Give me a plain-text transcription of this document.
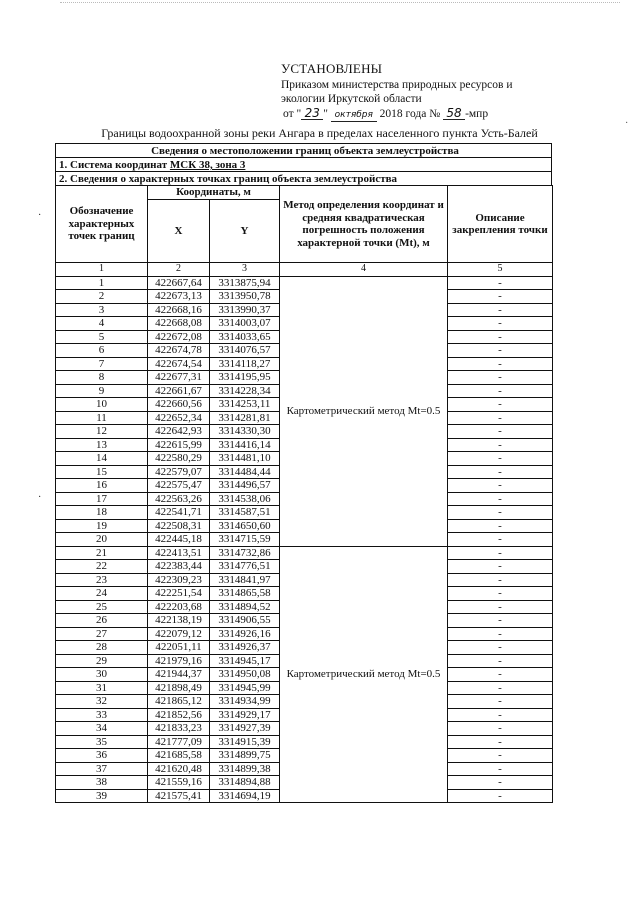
УСТАНОВЛЕНЫ

Приказом министерства природных ресурсов и
экологии Иркутской области
от " 23 " октября 2018 года № 58 -мпр
Границы водоохранной зоны реки Ангара в пределах населенного пункта Усть-Балей
Сведения о местоположении границ объекта землеустройства
1. Система координат МСК 38, зона 3
2. Сведения о характерных точках границ объекта землеустройства
Обозначение характерных точек границ	Координаты, м		Метод определения координат и средняя квадратическая погрешность положения характерной точки (Mt), м	Описание закрепления точки
	X	Y		
1	2	3	4	5
1	422667,64	3313875,94	Картометрический метод Mt=0.5	-
2	422673,13	3313950,78		-
3	422668,16	3313990,37		-
4	422668,08	3314003,07		-
5	422672,08	3314033,65		-
6	422674,78	3314076,57		-
7	422674,54	3314118,27		-
8	422677,31	3314195,95		-
9	422661,67	3314228,34		-
10	422660,56	3314253,11		-
11	422652,34	3314281,81		-
12	422642,93	3314330,30		-
13	422615,99	3314416,14		-
14	422580,29	3314481,10		-
15	422579,07	3314484,44		-
16	422575,47	3314496,57		-
17	422563,26	3314538,06		-
18	422541,71	3314587,51		-
19	422508,31	3314650,60		-
20	422445,18	3314715,59		-
21	422413,51	3314732,86	Картометрический метод Mt=0.5	-
22	422383,44	3314776,51		-
23	422309,23	3314841,97		-
24	422251,54	3314865,58		-
25	422203,68	3314894,52		-
26	422138,19	3314906,55		-
27	422079,12	3314926,16		-
28	422051,11	3314926,37		-
29	421979,16	3314945,17		-
30	421944,37	3314950,08		-
31	421898,49	3314945,99		-
32	421865,12	3314934,99		-
33	421852,56	3314929,17		-
34	421833,23	3314927,39		-
35	421777,09	3314915,39		-
36	421685,58	3314899,75		-
37	421620,48	3314899,38		-
38	421559,16	3314894,88		-
39	421575,41	3314694,19		-
·
·
·
